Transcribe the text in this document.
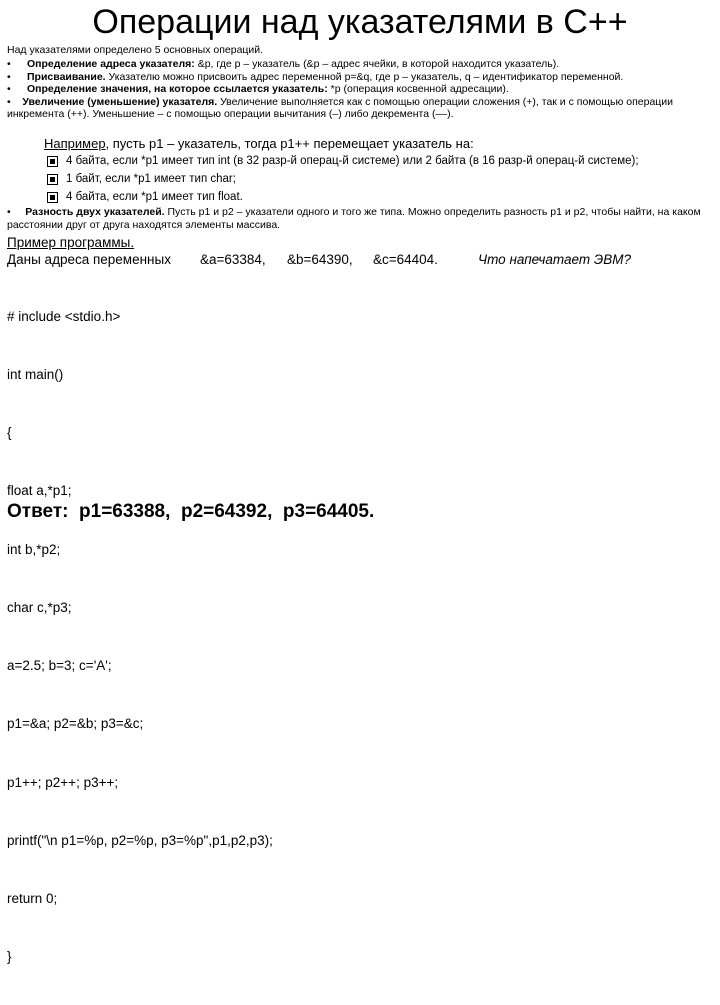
Операции над указателями в С++
Над указателями определено 5 основных операций.
• Определение адреса указателя: &p, где p – указатель (&p – адрес ячейки, в которой находится указатель).
• Присваивание. Указателю можно присвоить адрес переменной p=&q, где p – указатель, q – идентификатор переменной.
• Определение значения, на которое ссылается указатель: *p (операция косвенной адресации).
•    Увеличение (уменьшение) указателя. Увеличение выполняется как с помощью операции сложения (+), так и с помощью операции инкремента (++). Уменьшение – с помощью операции вычитания (–) либо декремента (––).
Например, пусть p1 – указатель, тогда p1++ перемещает указатель на:
4 байта, если *p1 имеет тип int (в 32 разр-й операц-й системе) или 2 байта (в 16 разр-й операц-й системе);
1 байт, если *p1 имеет тип char;
4 байта, если *p1 имеет тип float.
•     Разность двух указателей. Пусть p1 и p2 – указатели одного и того же типа. Можно определить разность p1 и p2, чтобы найти, на каком расстоянии друг от друга находятся элементы массива.
Пример программы.
Даны адреса переменных &a=63384, &b=64390, &c=64404.	Что напечатает ЭВМ?

# include <stdio.h>

int main()

{

float a,*p1;

int b,*p2;

char c,*p3;

a=2.5; b=3; c='A';

p1=&a; p2=&b; p3=&c;

p1++; p2++; p3++;

printf("\n p1=%p, p2=%p, p3=%p",p1,p2,p3);

return 0;

}

Ответ:  p1=63388,  p2=64392,  p3=64405.
